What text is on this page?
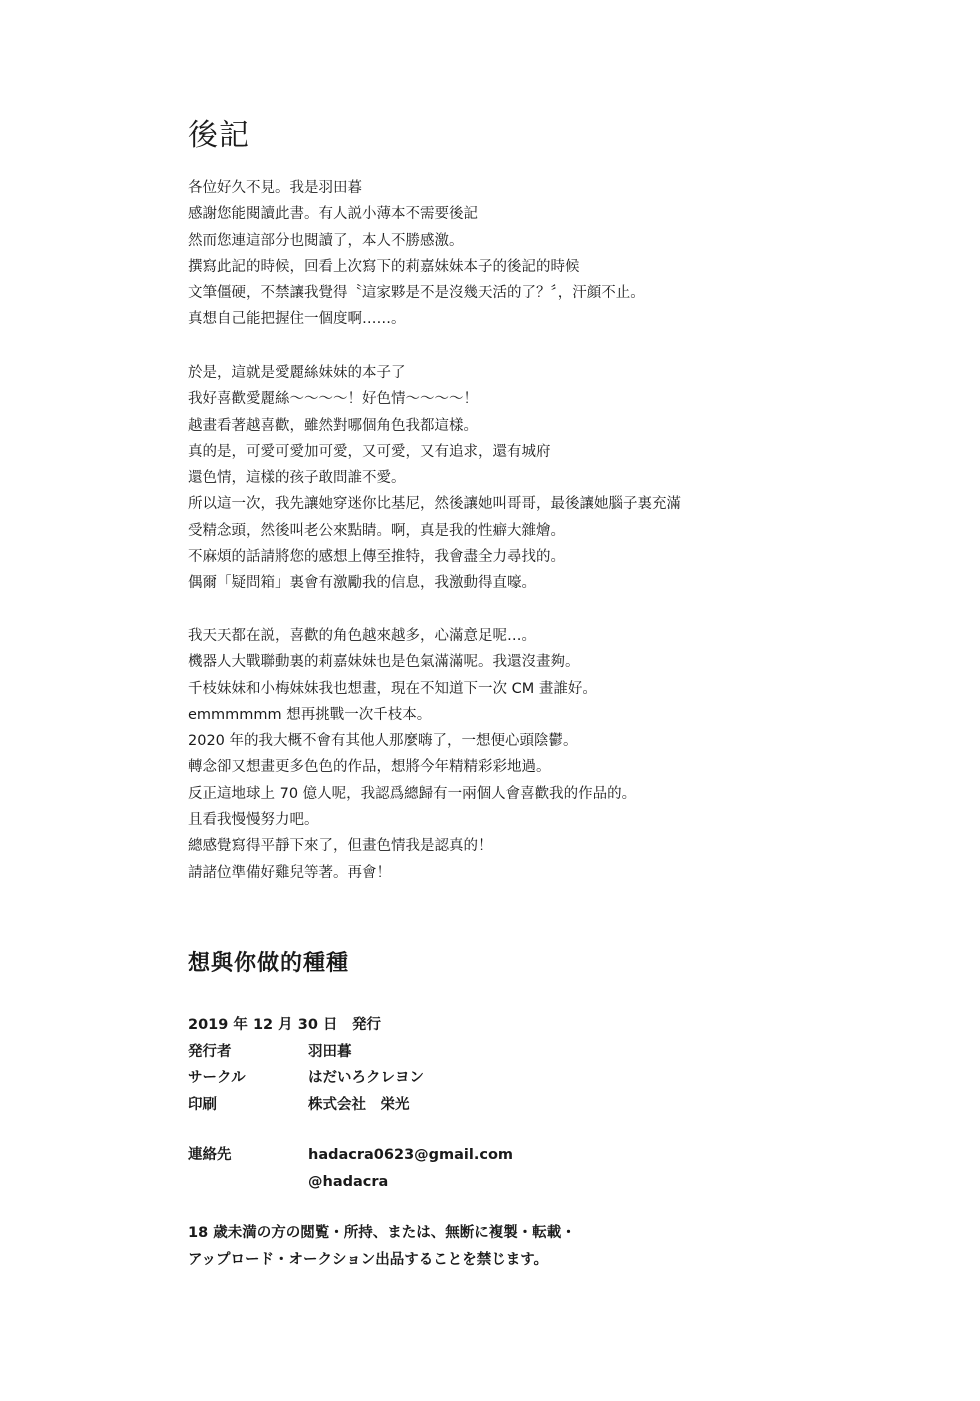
後記
各位好久不見。我是羽田暮
感謝您能閱讀此書。有人説小薄本不需要後記
然而您連這部分也閱讀了，本人不勝感激。
撰寫此記的時候，回看上次寫下的莉嘉妹妹本子的後記的時候
文筆僵硬，不禁讓我覺得〝這家夥是不是沒幾天活的了？〞，汗顔不止。
真想自己能把握住一個度啊……。
於是，這就是愛麗絲妹妹的本子了
我好喜歡愛麗絲～～～～！好色情～～～～！
越畫看著越喜歡，雖然對哪個角色我都這樣。
真的是，可愛可愛加可愛，又可愛，又有追求，還有城府
還色情，這樣的孩子敢問誰不愛。
所以這一次，我先讓她穿迷你比基尼，然後讓她叫哥哥，最後讓她腦子裏充滿
受精念頭，然後叫老公來點睛。啊，真是我的性癖大雜燴。
不麻煩的話請將您的感想上傳至推特，我會盡全力尋找的。
偶爾「疑問箱」裏會有激勵我的信息，我激動得直嚎。
我天天都在説，喜歡的角色越來越多，心滿意足呢…。
機器人大戰聯動裏的莉嘉妹妹也是色氣滿滿呢。我還沒畫夠。
千枝妹妹和小梅妹妹我也想畫，現在不知道下一次 CM 畫誰好。
emmmmmm 想再挑戰一次千枝本。
2020 年的我大概不會有其他人那麼嗨了，一想便心頭陰鬱。
轉念卻又想畫更多色色的作品，想將今年精精彩彩地過。
反正這地球上 70 億人呢，我認爲總歸有一兩個人會喜歡我的作品的。
且看我慢慢努力吧。
總感覺寫得平靜下來了，但畫色情我是認真的！
請諸位準備好雞兒等著。再會！
想與你做的種種
2019 年 12 月 30 日　発行
発行者	羽田暮
サークル	はだいろクレヨン
印刷	株式会社　栄光
連絡先	hadacra0623@gmail.com
@hadacra
18 歳未満の方の閲覧・所持、または、無断に複製・転載・
アップロード・オークション出品することを禁じます。
